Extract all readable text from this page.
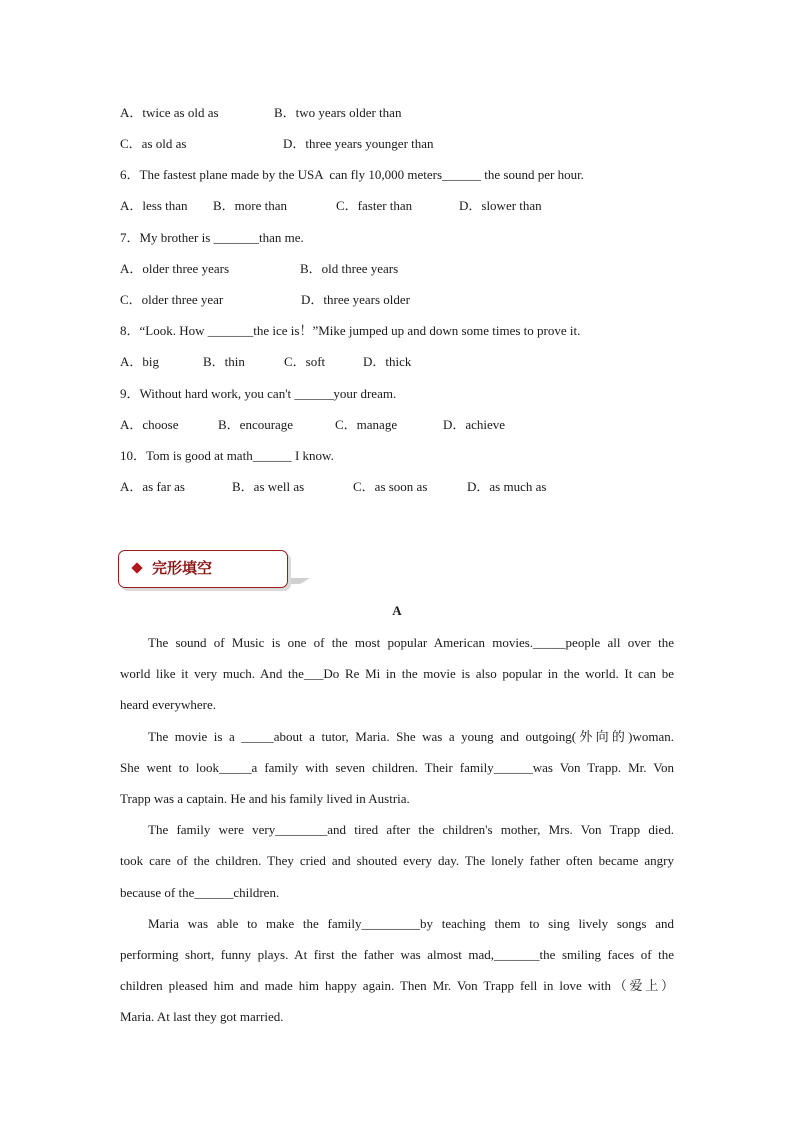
A．twice as old as	B．two years older than
C．as old as	D．three years younger than
6．The fastest plane made by the USA  can fly 10,000 meters______ the sound per hour.
A．less than B．more than	C．faster than	D．slower than
7．My brother is _______than me.
A．older three years	B．old three years
C．older three year	D．three years older
8．“Look. How _______the ice is！”Mike jumped up and down some times to prove it.
A．big	B．thin	C．soft	D．thick
9．Without hard work, you can't ______your dream.
A．choose	B．encourage	C．manage	D．achieve
10．Tom is good at math______ I know.
A．as far as	B．as well as	C．as soon as	D．as much as
完形填空
A
The sound of Music is one of the most popular American movies._____people all over the
world like it very much. And the___Do Re Mi in the movie is also popular in the world. It can be
heard everywhere.
The movie is a _____about a tutor, Maria. She was a young and outgoing(外向的)woman.
She went to look_____a family with seven children. Their family______was Von Trapp. Mr. Von
Trapp was a captain. He and his family lived in Austria.
The family were very________and tired after the children's mother, Mrs. Von Trapp died.
took care of the children. They cried and shouted every day. The lonely father often became angry
because of the______children.
Maria was able to make the family_________by teaching them to sing lively songs and
performing short, funny plays. At first the father was almost mad,_______the smiling faces of the
children pleased him and made him happy again. Then Mr. Von Trapp fell in love with（爱上）
Maria. At last they got married.
